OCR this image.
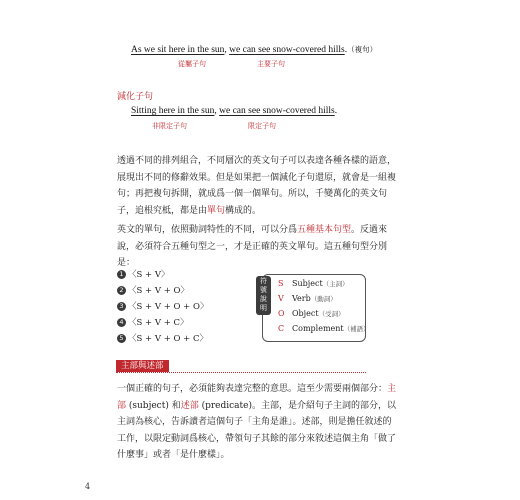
As we sit here in the sun, we can see snow-covered hills.（複句）
從屬子句	主要子句
減化子句
Sitting here in the sun, we can see snow-covered hills.
非限定子句	限定子句
透過不同的排列組合，不同層次的英文句子可以表達各種各樣的語意，展現出不同的修辭效果。但是如果把一個減化子句還原，就會是一組複句；再把複句拆開，就成爲一個一個單句。所以，千變萬化的英文句子，追根究柢，都是由單句構成的。
英文的單句，依照動詞特性的不同，可以分爲五種基本句型。反過來說，必須符合五種句型之一，才是正確的英文單句。這五種句型分別是：
1 〈S + V〉
2 〈S + V + O〉
3 〈S + V + O + O〉
4 〈S + V + C〉
5 〈S + V + O + C〉
符號說明
S Subject（主詞）
V Verb（動詞）
O Object（受詞）
C Complement（補語）
主部與述部
一個正確的句子，必須能夠表達完整的意思。這至少需要兩個部分：主部 (subject) 和述部 (predicate)。主部，是介紹句子主詞的部分，以主詞為核心，告訴讀者這個句子「主角是誰」。述部，則是擔任敘述的工作，以限定動詞爲核心，帶領句子其餘的部分來敘述這個主角「做了什麼事」或者「是什麼樣」。
4
